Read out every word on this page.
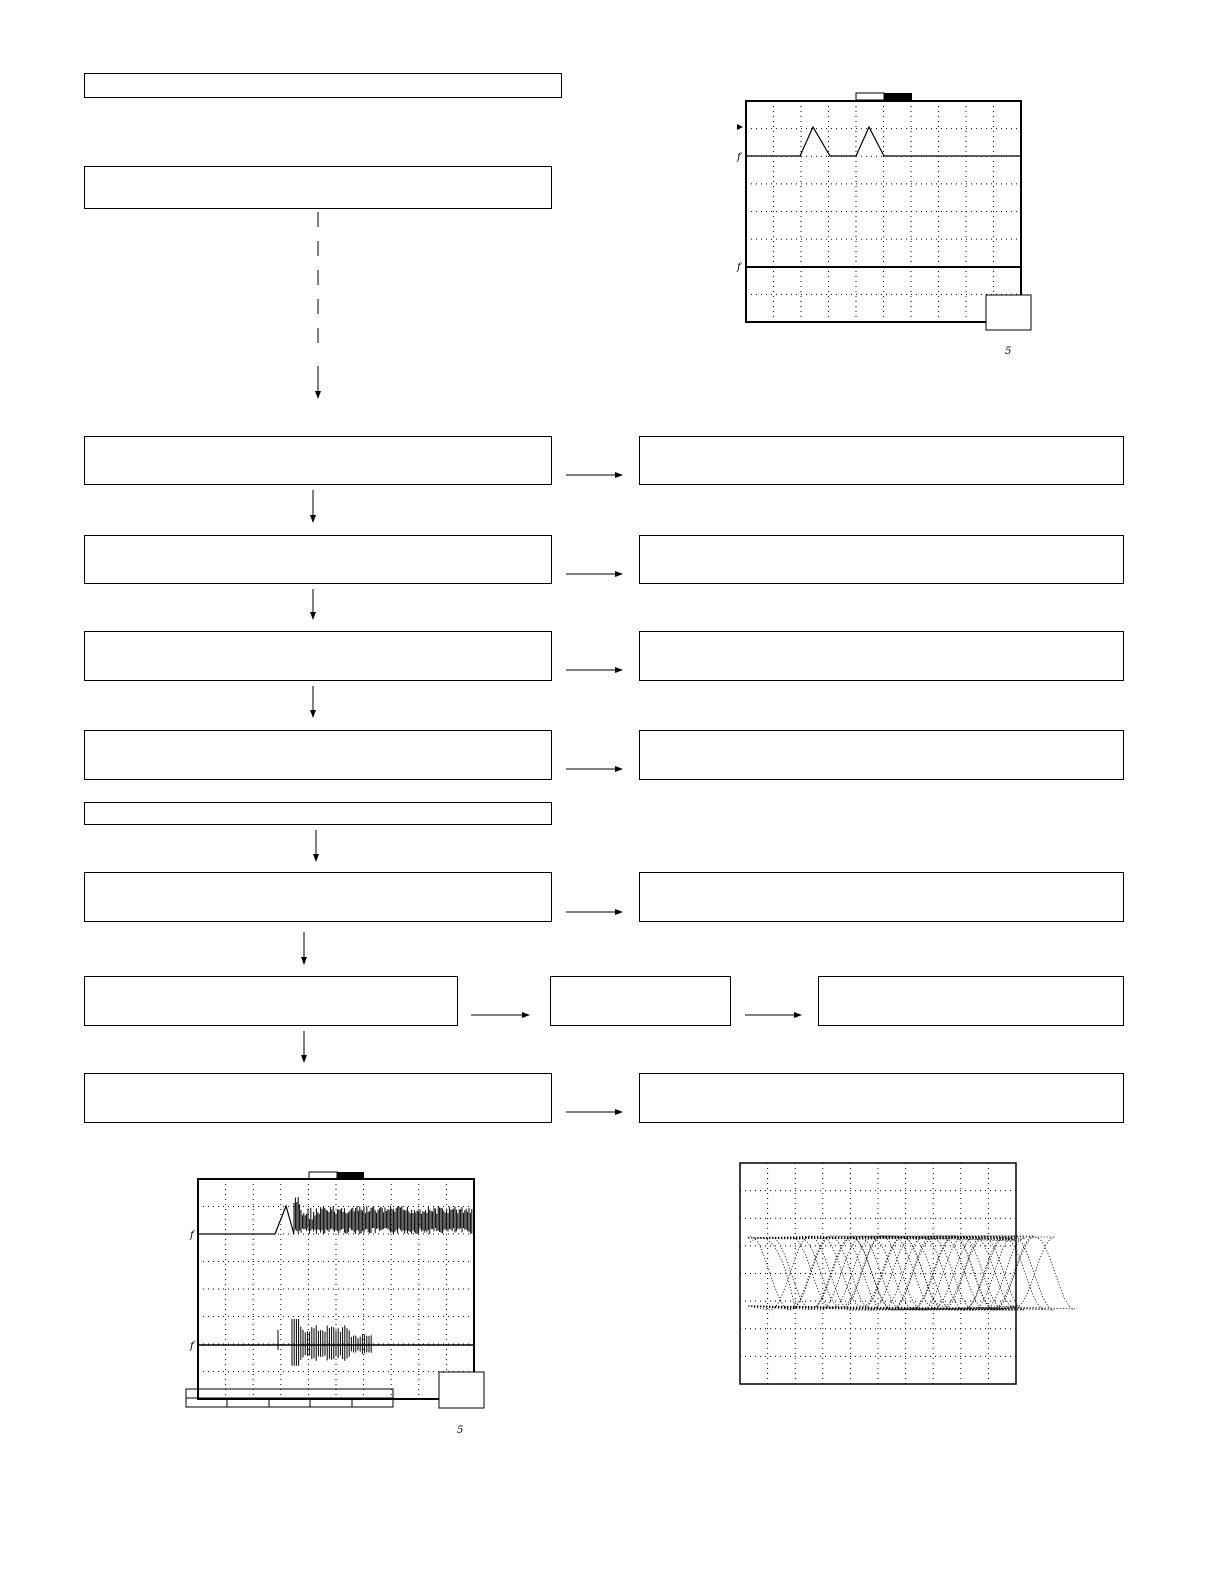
f
f
5
f
f
5
